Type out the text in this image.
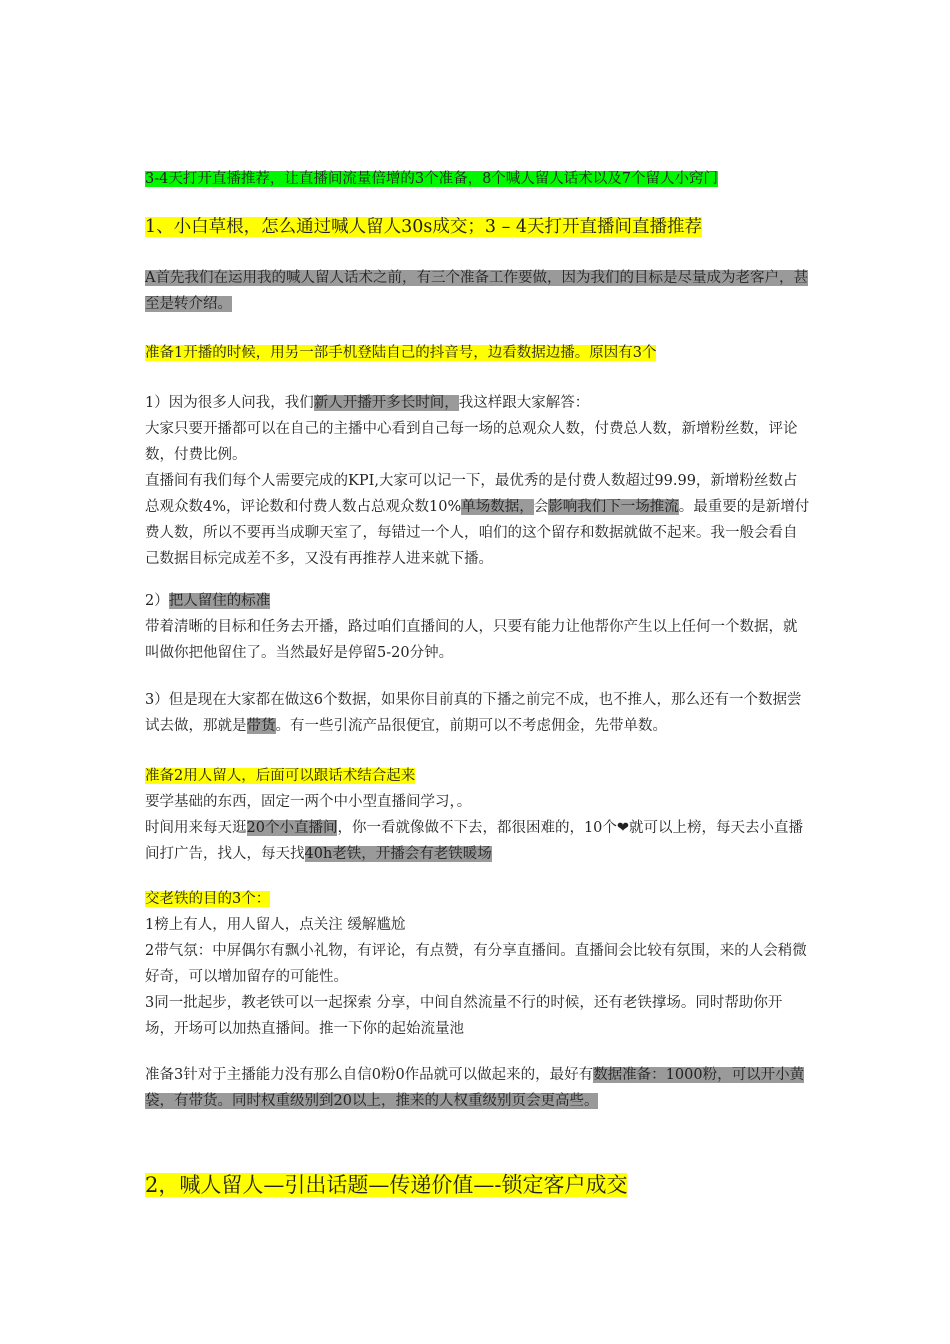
3-4天打开直播推荐，让直播间流量倍增的3个准备，8个喊人留人话术以及7个留人小窍门

1、小白草根，怎么通过喊人留人30s成交；3 – 4天打开直播间直播推荐

A首先我们在运用我的喊人留人话术之前，有三个准备工作要做，因为我们的目标是尽量成为老客户，甚至是转介绍。

准备1开播的时候，用另一部手机登陆自己的抖音号，边看数据边播。原因有3个

1）因为很多人问我，我们新人开播开多长时间，我这样跟大家解答：
大家只要开播都可以在自己的主播中心看到自己每一场的总观众人数，付费总人数，新增粉丝数，评论数，付费比例。
直播间有我们每个人需要完成的KPI,大家可以记一下，最优秀的是付费人数超过99.99，新增粉丝数占总观众数4%，评论数和付费人数占总观众数10%单场数据，会影响我们下一场推流。最重要的是新增付费人数，所以不要再当成聊天室了，每错过一个人，咱们的这个留存和数据就做不起来。我一般会看自己数据目标完成差不多，又没有再推荐人进来就下播。
2）把人留住的标准
带着清晰的目标和任务去开播，路过咱们直播间的人，只要有能力让他帮你产生以上任何一个数据，就叫做你把他留住了。当然最好是停留5-20分钟。

3）但是现在大家都在做这6个数据，如果你目前真的下播之前完不成，也不推人，那么还有一个数据尝试去做，那就是带货。有一些引流产品很便宜，前期可以不考虑佣金，先带单数。

准备2用人留人，后面可以跟话术结合起来
要学基础的东西，固定一两个中小型直播间学习，。
时间用来每天逛20个小直播间，你一看就像做不下去，都很困难的，10个❤就可以上榜，每天去小直播间打广告，找人，每天找40h老铁，开播会有老铁暖场
交老铁的目的3个：
1榜上有人，用人留人，点关注 缓解尴尬
2带气氛：中屏偶尔有飘小礼物，有评论，有点赞，有分享直播间。直播间会比较有氛围，来的人会稍微好奇，可以增加留存的可能性。
3同一批起步，教老铁可以一起探索 分享，中间自然流量不行的时候，还有老铁撑场。同时帮助你开场，开场可以加热直播间。推一下你的起始流量池

准备3针对于主播能力没有那么自信0粉0作品就可以做起来的，最好有数据准备：1000粉，可以开小黄袋，有带货。同时权重级别到20以上，推来的人权重级别页会更高些。

2，喊人留人—引出话题—传递价值—-锁定客户成交
